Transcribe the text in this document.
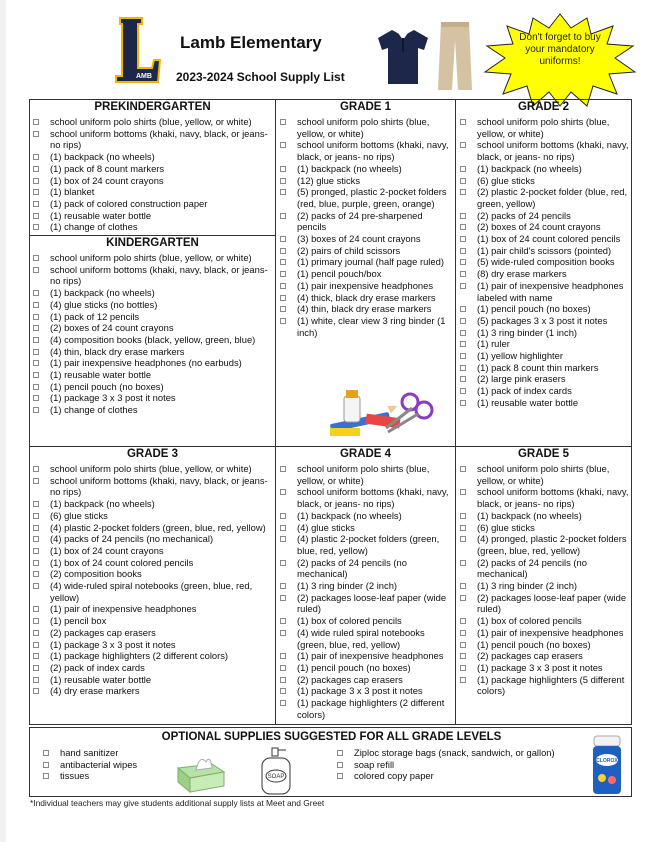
AMB
Lamb Elementary
2023-2024 School Supply List
Don't forget to buy your mandatory uniforms!
PREKINDERGARTEN
school uniform polo shirts (blue, yellow, or white)
school uniform bottoms (khaki, navy, black, or jeans-no rips)
(1) backpack (no wheels)
(1) pack of 8 count markers
(1) box of 24 count crayons
(1) blanket
(1) pack of colored construction paper
(1) reusable water bottle
(1) change of clothes
KINDERGARTEN
school uniform polo shirts (blue, yellow, or white)
school uniform bottoms (khaki, navy, black, or jeans- no rips)
(1) backpack (no wheels)
(4) glue sticks (no bottles)
(1) pack of 12 pencils
(2) boxes of 24 count crayons
(4) composition books (black, yellow, green, blue)
(4) thin, black dry erase markers
(1) pair inexpensive headphones (no earbuds)
(1) reusable water bottle
(1) pencil pouch (no boxes)
(1) package 3 x 3 post it notes
(1) change of clothes
GRADE 1
school uniform polo shirts (blue, yellow, or white)
school uniform bottoms (khaki, navy, black, or jeans- no rips)
(1) backpack (no wheels)
(12) glue sticks
(5) pronged, plastic 2-pocket folders (red, blue, purple, green, orange)
(2) packs of 24 pre-sharpened pencils
(3) boxes of 24 count crayons
(2) pairs of child scissors
(1) primary journal (half page ruled)
(1) pencil pouch/box
(1) pair inexpensive headphones
(4) thick, black dry erase markers
(4) thin, black dry erase markers
(1) white, clear view 3 ring binder (1 inch)
GRADE 2
school uniform polo shirts (blue, yellow, or white)
school uniform bottoms (khaki, navy, black, or jeans- no rips)
(1) backpack (no wheels)
(6) glue sticks
(2) plastic 2-pocket folder (blue, red, green, yellow)
(2) packs of 24 pencils
(2) boxes of 24 count crayons
(1) box of 24 count colored pencils
(1) pair child's scissors (pointed)
(5) wide-ruled composition books
(8) dry erase markers
(1) pair of inexpensive headphones labeled with name
(1) pencil pouch (no boxes)
(5) packages 3 x 3 post it notes
(1) 3 ring binder (1 inch)
(1) ruler
(1) yellow highlighter
(1) pack 8 count thin markers
(2) large pink erasers
(1) pack of index cards
(1) reusable water bottle
GRADE 3
school uniform polo shirts (blue, yellow, or white)
school uniform bottoms (khaki, navy, black, or jeans- no rips)
(1) backpack (no wheels)
(6) glue sticks
(4) plastic 2-pocket folders (green, blue, red, yellow)
(4) packs of 24 pencils (no mechanical)
(1) box of 24 count crayons
(1) box of 24 count colored pencils
(2) composition books
(4) wide-ruled spiral notebooks (green, blue, red, yellow)
(1) pair of inexpensive headphones
(1) pencil box
(2) packages cap erasers
(1) package 3 x 3 post it notes
(1) package highlighters (2 different colors)
(2) pack of index cards
(1) reusable water bottle
(4) dry erase markers
GRADE 4
school uniform polo shirts (blue, yellow, or white)
school uniform bottoms (khaki, navy, black, or jeans- no rips)
(1) backpack (no wheels)
(4) glue sticks
(4) plastic 2-pocket folders (green, blue, red, yellow)
(2) packs of 24 pencils (no mechanical)
(1) 3 ring binder (2 inch)
(2) packages loose-leaf paper (wide ruled)
(1) box of colored pencils
(4) wide ruled spiral notebooks (green, blue, red, yellow)
(1) pair of inexpensive headphones
(1) pencil pouch (no boxes)
(2) packages cap erasers
(1) package 3 x 3 post it notes
(1) package highlighters (2 different colors)
GRADE 5
school uniform polo shirts (blue, yellow, or white)
school uniform bottoms (khaki, navy, black, or jeans- no rips)
(1) backpack (no wheels)
(6) glue sticks
(4) pronged, plastic 2-pocket folders (green, blue, red, yellow)
(2) packs of 24 pencils (no mechanical)
(1) 3 ring binder (2 inch)
(2) packages loose-leaf paper (wide ruled)
(1) box of colored pencils
(1) pair of inexpensive headphones
(1) pencil pouch (no boxes)
(2) packages cap erasers
(1) package 3 x 3 post it notes
(1) package highlighters (5 different colors)
OPTIONAL SUPPLIES SUGGESTED FOR ALL GRADE LEVELS
hand sanitizer
antibacterial wipes
tissues
Ziploc storage bags (snack, sandwich, or gallon)
soap refill
colored copy paper
SOAP
CLOROX
*Individual teachers may give students additional supply lists at Meet and Greet
